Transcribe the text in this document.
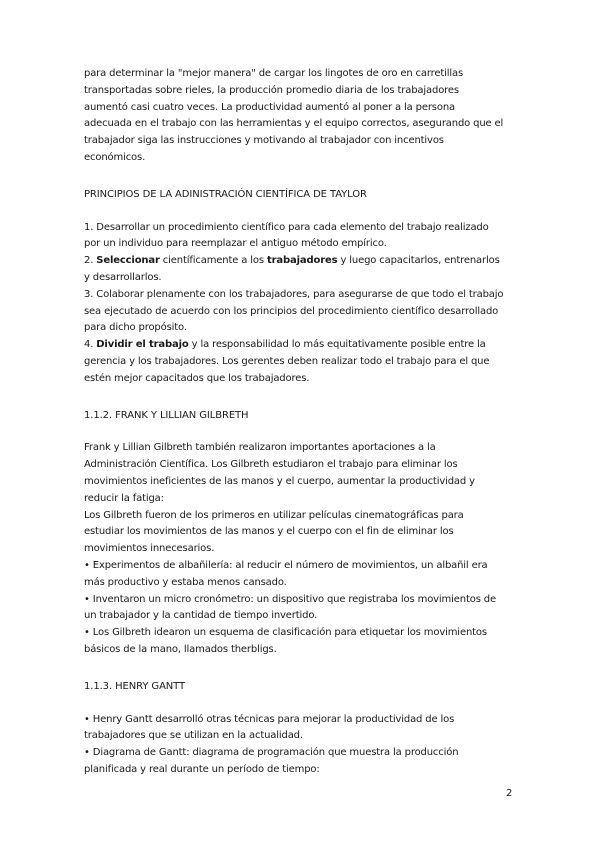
para determinar la "mejor manera" de cargar los lingotes de oro en carretillas transportadas sobre rieles, la producción promedio diaria de los trabajadores aumentó casi cuatro veces. La productividad aumentó al poner a la persona adecuada en el trabajo con las herramientas y el equipo correctos, asegurando que el trabajador siga las instrucciones y motivando al trabajador con incentivos económicos.

PRINCIPIOS DE LA ADINISTRACIÓN CIENTÍFICA DE TAYLOR

1. Desarrollar un procedimiento científico para cada elemento del trabajo realizado por un individuo para reemplazar el antiguo método empírico.

2. Seleccionar científicamente a los trabajadores y luego capacitarlos, entrenarlos y desarrollarlos.

3. Colaborar plenamente con los trabajadores, para asegurarse de que todo el trabajo sea ejecutado de acuerdo con los principios del procedimiento científico desarrollado para dicho propósito.

4. Dividir el trabajo y la responsabilidad lo más equitativamente posible entre la gerencia y los trabajadores. Los gerentes deben realizar todo el trabajo para el que estén mejor capacitados que los trabajadores.

1.1.2. FRANK Y LILLIAN GILBRETH

Frank y Lillian Gilbreth también realizaron importantes aportaciones a la Administración Científica. Los Gilbreth estudiaron el trabajo para eliminar los movimientos ineficientes de las manos y el cuerpo, aumentar la productividad y reducir la fatiga:

Los Gilbreth fueron de los primeros en utilizar películas cinematográficas para estudiar los movimientos de las manos y el cuerpo con el fin de eliminar los movimientos innecesarios.

• Experimentos de albañilería: al reducir el número de movimientos, un albañil era más productivo y estaba menos cansado.

• Inventaron un micro cronómetro: un dispositivo que registraba los movimientos de un trabajador y la cantidad de tiempo invertido.

• Los Gilbreth idearon un esquema de clasificación para etiquetar los movimientos básicos de la mano, llamados therbligs.

1.1.3. HENRY GANTT

• Henry Gantt desarrolló otras técnicas para mejorar la productividad de los trabajadores que se utilizan en la actualidad.

• Diagrama de Gantt: diagrama de programación que muestra la producción planificada y real durante un período de tiempo:

2
